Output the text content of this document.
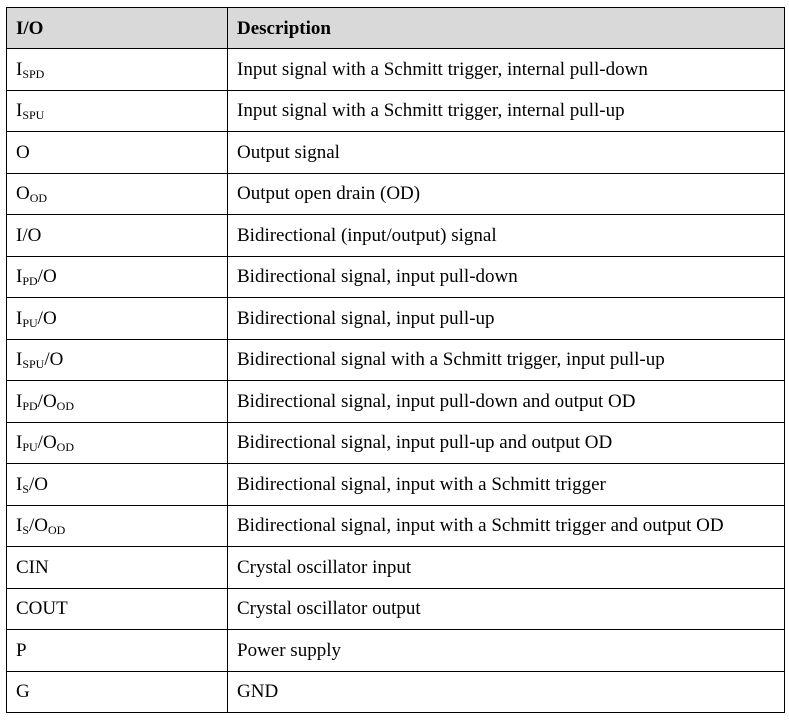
I/O	Description
$I_{SPD}$	Input signal with a Schmitt trigger, internal pull-down
$I_{SPU}$	Input signal with a Schmitt trigger, internal pull-up
O	Output signal
$O_{OD}$	Output open drain (OD)
I/O	Bidirectional (input/output) signal
$I_{PD}/O$	Bidirectional signal, input pull-down
$I_{PU}/O$	Bidirectional signal, input pull-up
$I_{SPU}/O$	Bidirectional signal with a Schmitt trigger, input pull-up
$I_{PD}/O_{OD}$	Bidirectional signal, input pull-down and output OD
$I_{PU}/O_{OD}$	Bidirectional signal, input pull-up and output OD
$I_S/O$	Bidirectional signal, input with a Schmitt trigger
$I_S/O_{OD}$	Bidirectional signal, input with a Schmitt trigger and output OD
CIN	Crystal oscillator input
COUT	Crystal oscillator output
P	Power supply
G	GND
